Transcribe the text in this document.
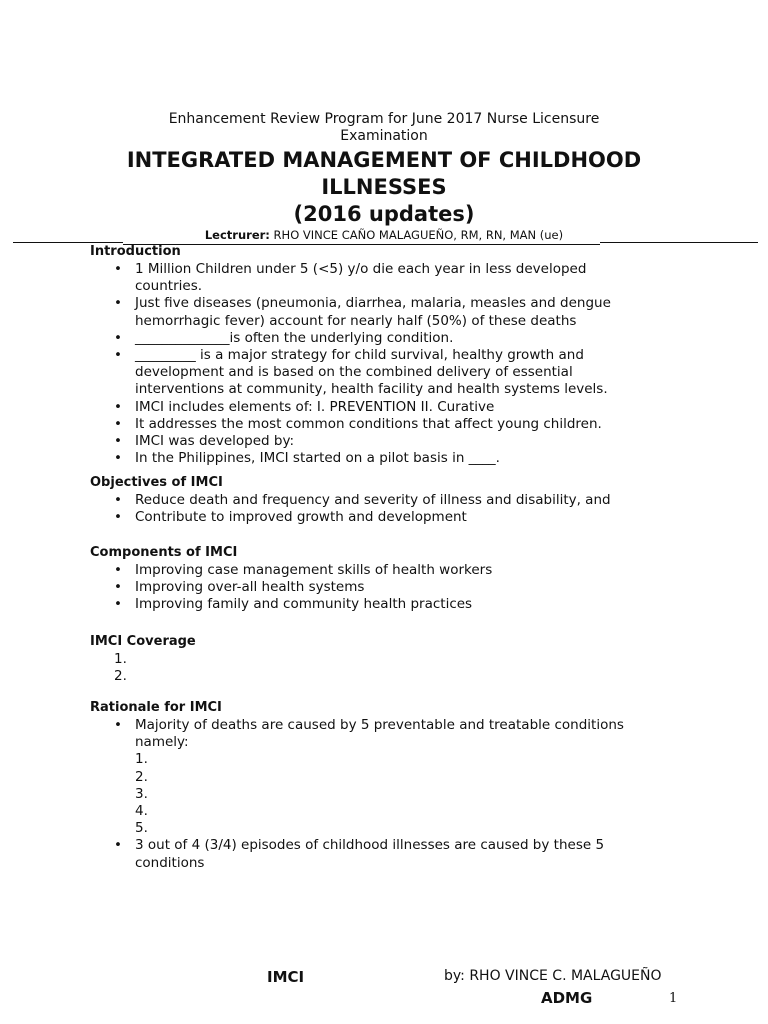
Enhancement Review Program for June 2017 Nurse Licensure
Examination
INTEGRATED MANAGEMENT OF CHILDHOOD
ILLNESSES
(2016 updates)
Lectrurer: RHO VINCE CAÑO MALAGUEÑO, RM, RN, MAN (ue)
Introduction
• 1 Million Children under 5 (<5) y/o die each year in less developed countries.
• Just five diseases (pneumonia, diarrhea, malaria, measles and dengue hemorrhagic fever) account for nearly half (50%) of these deaths
• ______________is often the underlying condition.
• _________ is a major strategy for child survival, healthy growth and development and is based on the combined delivery of essential interventions at community, health facility and health systems levels.
• IMCI includes elements of: I. PREVENTION II. Curative
• It addresses the most common conditions that affect young children.
• IMCI was developed by:
• In the Philippines, IMCI started on a pilot basis in ____.
Objectives of IMCI
• Reduce death and frequency and severity of illness and disability, and
• Contribute to improved growth and development
Components of IMCI
• Improving case management skills of health workers
• Improving over-all health systems
• Improving family and community health practices
IMCI Coverage
1.

2.

Rationale for IMCI
• Majority of deaths are caused by 5 preventable and treatable conditions namely:
1.
2.
3.
4.
5.
• 3 out of 4 (3/4) episodes of childhood illnesses are caused by these 5 conditions
IMCI	by: RHO VINCE C. MALAGUEÑO
ADMG	1
